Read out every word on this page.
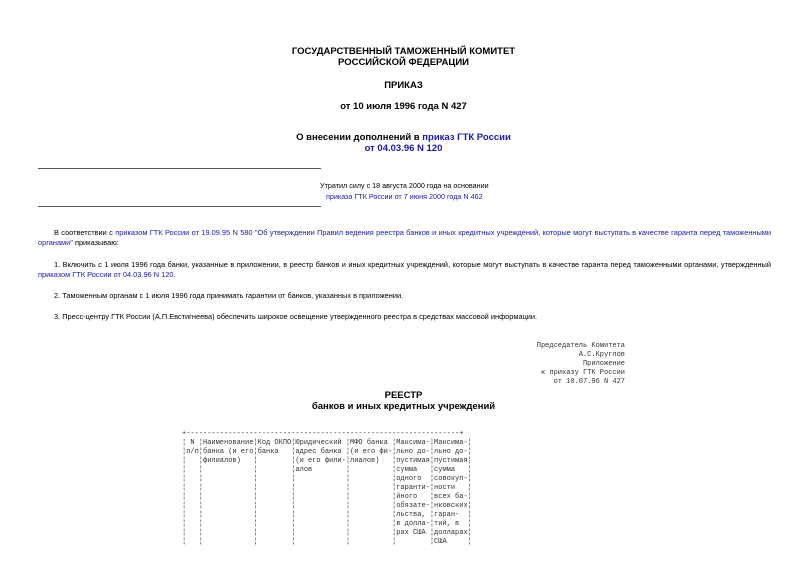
ГОСУДАРСТВЕННЫЙ ТАМОЖЕННЫЙ КОМИТЕТ
РОССИЙСКОЙ ФЕДЕРАЦИИ
ПРИКАЗ
от 10 июля 1996 года N 427
О внесении дополнений в приказ ГТК России
от 04.03.96 N 120
Утратил силу с 18 августа 2000 года на основании
приказа ГТК России от 7 июня 2000 года N 462
В соответствии с приказом ГТК России от 19.09.95 N 580 "Об утверждении Правил ведения реестра банков и иных кредитных учреждений, которые могут выступать в качестве гаранта перед таможенными органами" приказываю:
1. Включить с 1 июля 1996 года банки, указанные в приложении, в реестр банков и иных кредитных учреждений, которые могут выступать в качестве гаранта перед таможенными органами, утвержденный приказом ГТК России от 04.03.96 N 120.
2. Таможенным органам с 1 июля 1996 года принимать гарантии от банков, указанных в приложении.
3. Пресс-центру ГТК России (А.П.Евстигнеева) обеспечить широкое освещение утвержденного реестра в средствах массовой информации.
Председатель Комитета
А.С.Круглов
Приложение
к приказу ГТК России
от 10.07.96 N 427
РЕЕСТР
банков и иных кредитных учреждений
+-----------------------------------------------------------------+
¦ N ¦Наименование¦Код ОКПО¦Юридический ¦МФО банка ¦Максима-¦Максима-¦
¦п/п¦банка (и его¦банка   ¦адрес банка ¦(и его фи-¦льно до-¦льно до-¦
¦   ¦филиалов)   ¦        ¦(и его фили-¦лиалов)   ¦пустимая¦пустимая¦
¦   ¦            ¦        ¦алов        ¦          ¦сумма   ¦сумма   ¦
¦   ¦            ¦        ¦            ¦          ¦одного  ¦совокуп-¦
¦   ¦            ¦        ¦            ¦          ¦гаранти-¦ности   ¦
¦   ¦            ¦        ¦            ¦          ¦йного   ¦всех ба-¦
¦   ¦            ¦        ¦            ¦          ¦обязате-¦нковских¦
¦   ¦            ¦        ¦            ¦          ¦льства, ¦гаран-  ¦
¦   ¦            ¦        ¦            ¦          ¦в долла-¦тий, в  ¦
¦   ¦            ¦        ¦            ¦          ¦рах США ¦долларах¦
¦   ¦            ¦        ¦            ¦          ¦        ¦США     ¦
